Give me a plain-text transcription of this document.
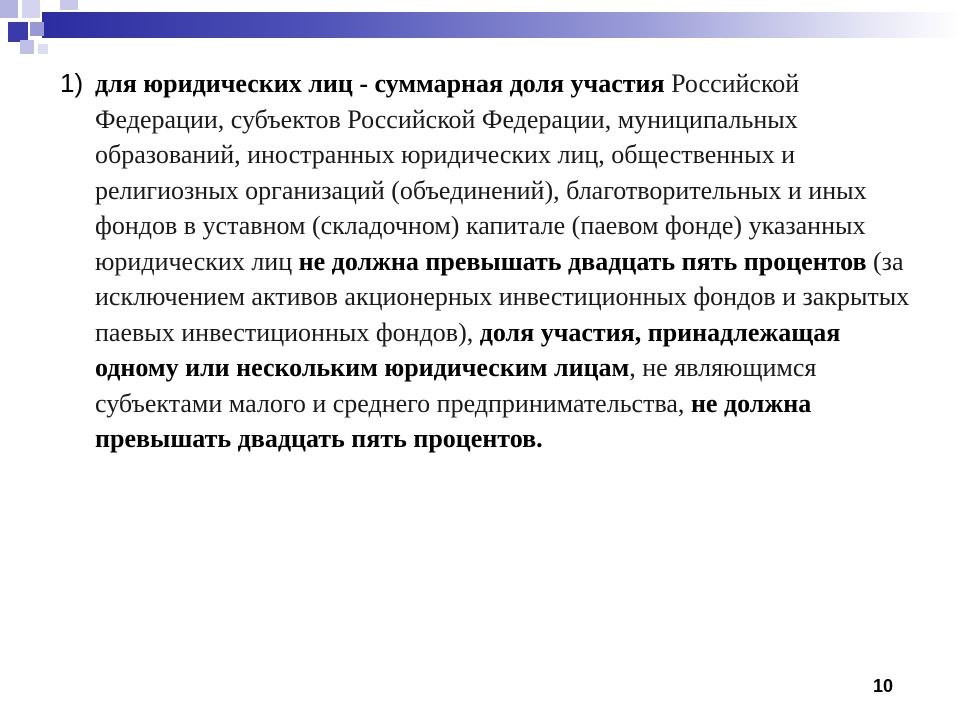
1) для юридических лиц - суммарная доля участия Российской Федерации, субъектов Российской Федерации, муниципальных образований, иностранных юридических лиц, общественных и религиозных организаций (объединений), благотворительных и иных фондов в уставном (складочном) капитале (паевом фонде) указанных юридических лиц не должна превышать двадцать пять процентов (за исключением активов акционерных инвестиционных фондов и закрытых паевых инвестиционных фондов), доля участия, принадлежащая одному или нескольким юридическим лицам, не являющимся субъектами малого и среднего предпринимательства, не должна превышать двадцать пять процентов.
10
